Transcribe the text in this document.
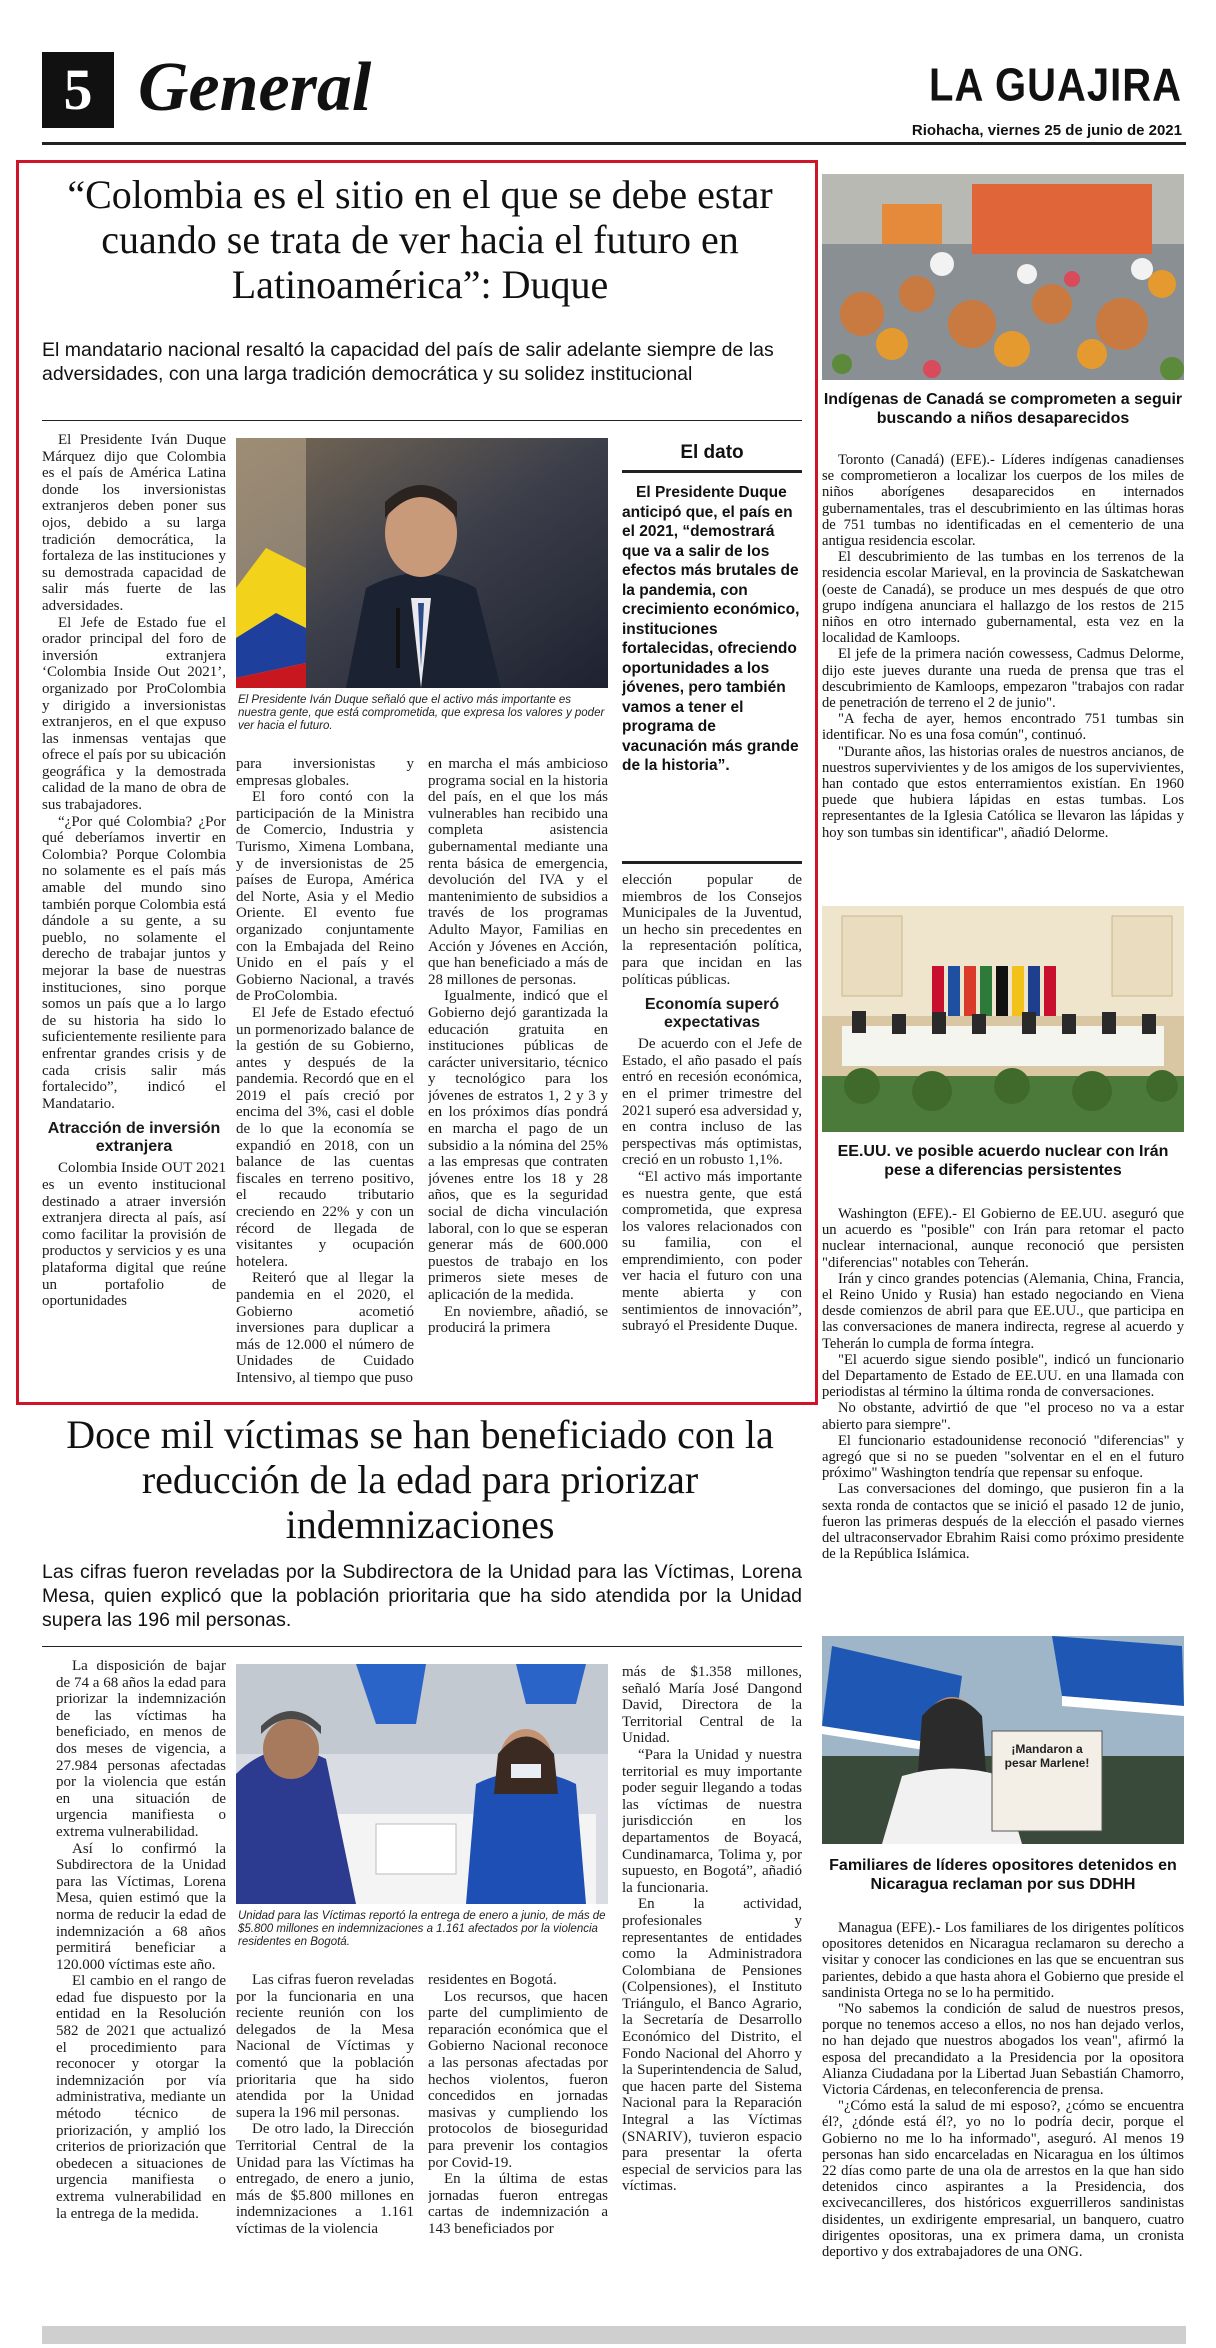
5 General	LA GUAJIRA
Riohacha, viernes 25 de junio de 2021
“Colombia es el sitio en el que se debe estar cuando se trata de ver hacia el futuro en Latinoamérica”: Duque
El mandatario nacional resaltó la capacidad del país de salir adelante siempre de las adversidades, con una larga tradición democrática y su solidez institucional

El Presidente Iván Duque Márquez dijo que Colombia es el país de América Latina donde los inversionistas extranjeros deben poner sus ojos, debido a su larga tradición democrática, la fortaleza de las instituciones y su demostrada capacidad de salir más fuerte de las adversidades.

El Jefe de Estado fue el orador principal del foro de inversión extranjera ‘Colombia Inside Out 2021’, organizado por ProColombia y dirigido a inversionistas extranjeros, en el que expuso las inmensas ventajas que ofrece el país por su ubicación geográfica y la demostrada calidad de la mano de obra de sus trabajadores.

“¿Por qué Colombia? ¿Por qué deberíamos invertir en Colombia? Porque Colombia no solamente es el país más amable del mundo sino también porque Colombia está dándole a su gente, a su pueblo, no solamente el derecho de trabajar juntos y mejorar la base de nuestras instituciones, sino porque somos un país que a lo largo de su historia ha sido lo suficientemente resiliente para enfrentar grandes crisis y de cada crisis salir más fortalecido”, indicó el Mandatario.

Atracción de inversión extranjera

Colombia Inside OUT 2021 es un evento institucional destinado a atraer inversión extranjera directa al país, así como facilitar la provisión de productos y servicios y es una plataforma digital que reúne un portafolio de oportunidades

El Presidente Iván Duque señaló que el activo más importante es nuestra gente, que está comprometida, que expresa los valores y poder ver hacia el futuro.

para inversionistas y empresas globales.

El foro contó con la participación de la Ministra de Comercio, Industria y Turismo, Ximena Lombana, y de inversionistas de 25 países de Europa, América del Norte, Asia y el Medio Oriente. El evento fue organizado conjuntamente con la Embajada del Reino Unido en el país y el Gobierno Nacional, a través de ProColombia.

El Jefe de Estado efectuó un pormenorizado balance de la gestión de su Gobierno, antes y después de la pandemia. Recordó que en el 2019 el país creció por encima del 3%, casi el doble de lo que la economía se expandió en 2018, con un balance de las cuentas fiscales en terreno positivo, el recaudo tributario creciendo en 22% y con un récord de llegada de visitantes y ocupación hotelera.

Reiteró que al llegar la pandemia en el 2020, el Gobierno acometió inversiones para duplicar a más de 12.000 el número de Unidades de Cuidado Intensivo, al tiempo que puso

en marcha el más ambicioso programa social en la historia del país, en el que los más vulnerables han recibido una completa asistencia gubernamental mediante una renta básica de emergencia, devolución del IVA y el mantenimiento de subsidios a través de los programas Adulto Mayor, Familias en Acción y Jóvenes en Acción, que han beneficiado a más de 28 millones de personas.

Igualmente, indicó que el Gobierno dejó garantizada la educación gratuita en instituciones públicas de carácter universitario, técnico y tecnológico para los jóvenes de estratos 1, 2 y 3 y en los próximos días pondrá en marcha el pago de un subsidio a la nómina del 25% a las empresas que contraten jóvenes entre los 18 y 28 años, que es la seguridad social de dicha vinculación laboral, con lo que se esperan generar más de 600.000 puestos de trabajo en los primeros siete meses de aplicación de la medida.

En noviembre, añadió, se producirá la primera

El dato
El Presidente Duque anticipó que, el país en el 2021, “demostrará que va a salir de los efectos más brutales de la pandemia, con crecimiento económico, instituciones fortalecidas, ofreciendo oportunidades a los jóvenes, pero también vamos a tener el programa de vacunación más grande de la historia”.

elección popular de miembros de los Consejos Municipales de la Juventud, un hecho sin precedentes en la representación política, para que incidan en las políticas públicas.

Economía superó expectativas

De acuerdo con el Jefe de Estado, el año pasado el país entró en recesión económica, en el primer trimestre del 2021 superó esa adversidad y, en contra incluso de las perspectivas más optimistas, creció en un robusto 1,1%.

“El activo más importante es nuestra gente, que está comprometida, que expresa los valores relacionados con su familia, con el emprendimiento, con poder ver hacia el futuro con una mente abierta y con sentimientos de innovación”, subrayó el Presidente Duque.

Doce mil víctimas se han beneficiado con la reducción de la edad para priorizar indemnizaciones
Las cifras fueron reveladas por la Subdirectora de la Unidad para las Víctimas, Lorena Mesa, quien explicó que la población prioritaria que ha sido atendida por la Unidad supera las 196 mil personas.

La disposición de bajar de 74 a 68 años la edad para priorizar la indemnización de las víctimas ha beneficiado, en menos de dos meses de vigencia, a 27.984 personas afectadas por la violencia que están en una situación de urgencia manifiesta o extrema vulnerabilidad.

Así lo confirmó la Subdirectora de la Unidad para las Víctimas, Lorena Mesa, quien estimó que la norma de reducir la edad de indemnización a 68 años permitirá beneficiar a 120.000 víctimas este año.

El cambio en el rango de edad fue dispuesto por la entidad en la Resolución 582 de 2021 que actualizó el procedimiento para reconocer y otorgar la indemnización por vía administrativa, mediante un método técnico de priorización, y amplió los criterios de priorización que obedecen a situaciones de urgencia manifiesta o extrema vulnerabilidad en la entrega de la medida.

Unidad para las Víctimas reportó la entrega de enero a junio, de más de $5.800 millones en indemnizaciones a 1.161 afectados por la violencia residentes en Bogotá.

Las cifras fueron reveladas por la funcionaria en una reciente reunión con los delegados de la Mesa Nacional de Víctimas y comentó que la población prioritaria que ha sido atendida por la Unidad supera la 196 mil personas.

De otro lado, la Dirección Territorial Central de la Unidad para las Víctimas ha entregado, de enero a junio, más de $5.800 millones en indemnizaciones a 1.161 víctimas de la violencia

residentes en Bogotá.

Los recursos, que hacen parte del cumplimiento de reparación económica que el Gobierno Nacional reconoce a las personas afectadas por hechos violentos, fueron concedidos en jornadas masivas y cumpliendo los protocolos de bioseguridad para prevenir los contagios por Covid-19.

En la última de estas jornadas fueron entregas cartas de indemnización a 143 beneficiados por

más de $1.358 millones, señaló María José Dangond David, Directora de la Territorial Central de la Unidad.

“Para la Unidad y nuestra territorial es muy importante poder seguir llegando a todas las víctimas de nuestra jurisdicción en los departamentos de Boyacá, Cundinamarca, Tolima y, por supuesto, en Bogotá”, añadió la funcionaria.

En la actividad, profesionales y representantes de entidades como la Administradora Colombiana de Pensiones (Colpensiones), el Instituto Triángulo, el Banco Agrario, la Secretaría de Desarrollo Económico del Distrito, el Fondo Nacional del Ahorro y la Superintendencia de Salud, que hacen parte del Sistema Nacional para la Reparación Integral a las Víctimas (SNARIV), tuvieron espacio para presentar la oferta especial de servicios para las víctimas.

Indígenas de Canadá se comprometen a seguir buscando a niños desaparecidos

Toronto (Canadá) (EFE).- Líderes indígenas canadienses se comprometieron a localizar los cuerpos de los miles de niños aborígenes desaparecidos en internados gubernamentales, tras el descubrimiento en las últimas horas de 751 tumbas no identificadas en el cementerio de una antigua residencia escolar.

El descubrimiento de las tumbas en los terrenos de la residencia escolar Marieval, en la provincia de Saskatchewan (oeste de Canadá), se produce un mes después de que otro grupo indígena anunciara el hallazgo de los restos de 215 niños en otro internado gubernamental, esta vez en la localidad de Kamloops.

El jefe de la primera nación cowessess, Cadmus Delorme, dijo este jueves durante una rueda de prensa que tras el descubrimiento de Kamloops, empezaron "trabajos con radar de penetración de terreno el 2 de junio".

"A fecha de ayer, hemos encontrado 751 tumbas sin identificar. No es una fosa común", continuó.

"Durante años, las historias orales de nuestros ancianos, de nuestros supervivientes y de los amigos de los supervivientes, han contado que estos enterramientos existían. En 1960 puede que hubiera lápidas en estas tumbas. Los representantes de la Iglesia Católica se llevaron las lápidas y hoy son tumbas sin identificar", añadió Delorme.

EE.UU. ve posible acuerdo nuclear con Irán pese a diferencias persistentes

Washington (EFE).- El Gobierno de EE.UU. aseguró que un acuerdo es "posible" con Irán para retomar el pacto nuclear internacional, aunque reconoció que persisten "diferencias" notables con Teherán.

Irán y cinco grandes potencias (Alemania, China, Francia, el Reino Unido y Rusia) han estado negociando en Viena desde comienzos de abril para que EE.UU., que participa en las conversaciones de manera indirecta, regrese al acuerdo y Teherán lo cumpla de forma íntegra.

"El acuerdo sigue siendo posible", indicó un funcionario del Departamento de Estado de EE.UU. en una llamada con periodistas al término la última ronda de conversaciones.

No obstante, advirtió de que "el proceso no va a estar abierto para siempre".

El funcionario estadounidense reconoció "diferencias" y agregó que si no se pueden "solventar en el en el futuro próximo" Washington tendría que repensar su enfoque.

Las conversaciones del domingo, que pusieron fin a la sexta ronda de contactos que se inició el pasado 12 de junio, fueron las primeras después de la elección el pasado viernes del ultraconservador Ebrahim Raisi como próximo presidente de la República Islámica.

¡Mandaron a pesar Marlene!
Familiares de líderes opositores detenidos en Nicaragua reclaman por sus DDHH

Managua (EFE).- Los familiares de los dirigentes políticos opositores detenidos en Nicaragua reclamaron su derecho a visitar y conocer las condiciones en las que se encuentran sus parientes, debido a que hasta ahora el Gobierno que preside el sandinista Ortega no se lo ha permitido.

"No sabemos la condición de salud de nuestros presos, porque no tenemos acceso a ellos, no nos han dejado verlos, no han dejado que nuestros abogados los vean", afirmó la esposa del precandidato a la Presidencia por la opositora Alianza Ciudadana por la Libertad Juan Sebastián Chamorro, Victoria Cárdenas, en teleconferencia de prensa.

"¿Cómo está la salud de mi esposo?, ¿cómo se encuentra él?, ¿dónde está él?, yo no lo podría decir, porque el Gobierno no me lo ha informado", aseguró. Al menos 19 personas han sido encarceladas en Nicaragua en los últimos 22 días como parte de una ola de arrestos en la que han sido detenidos cinco aspirantes a la Presidencia, dos excivecancilleres, dos históricos exguerrilleros sandinistas disidentes, un exdirigente empresarial, un banquero, cuatro dirigentes opositoras, una ex primera dama, un cronista deportivo y dos extrabajadores de una ONG.
